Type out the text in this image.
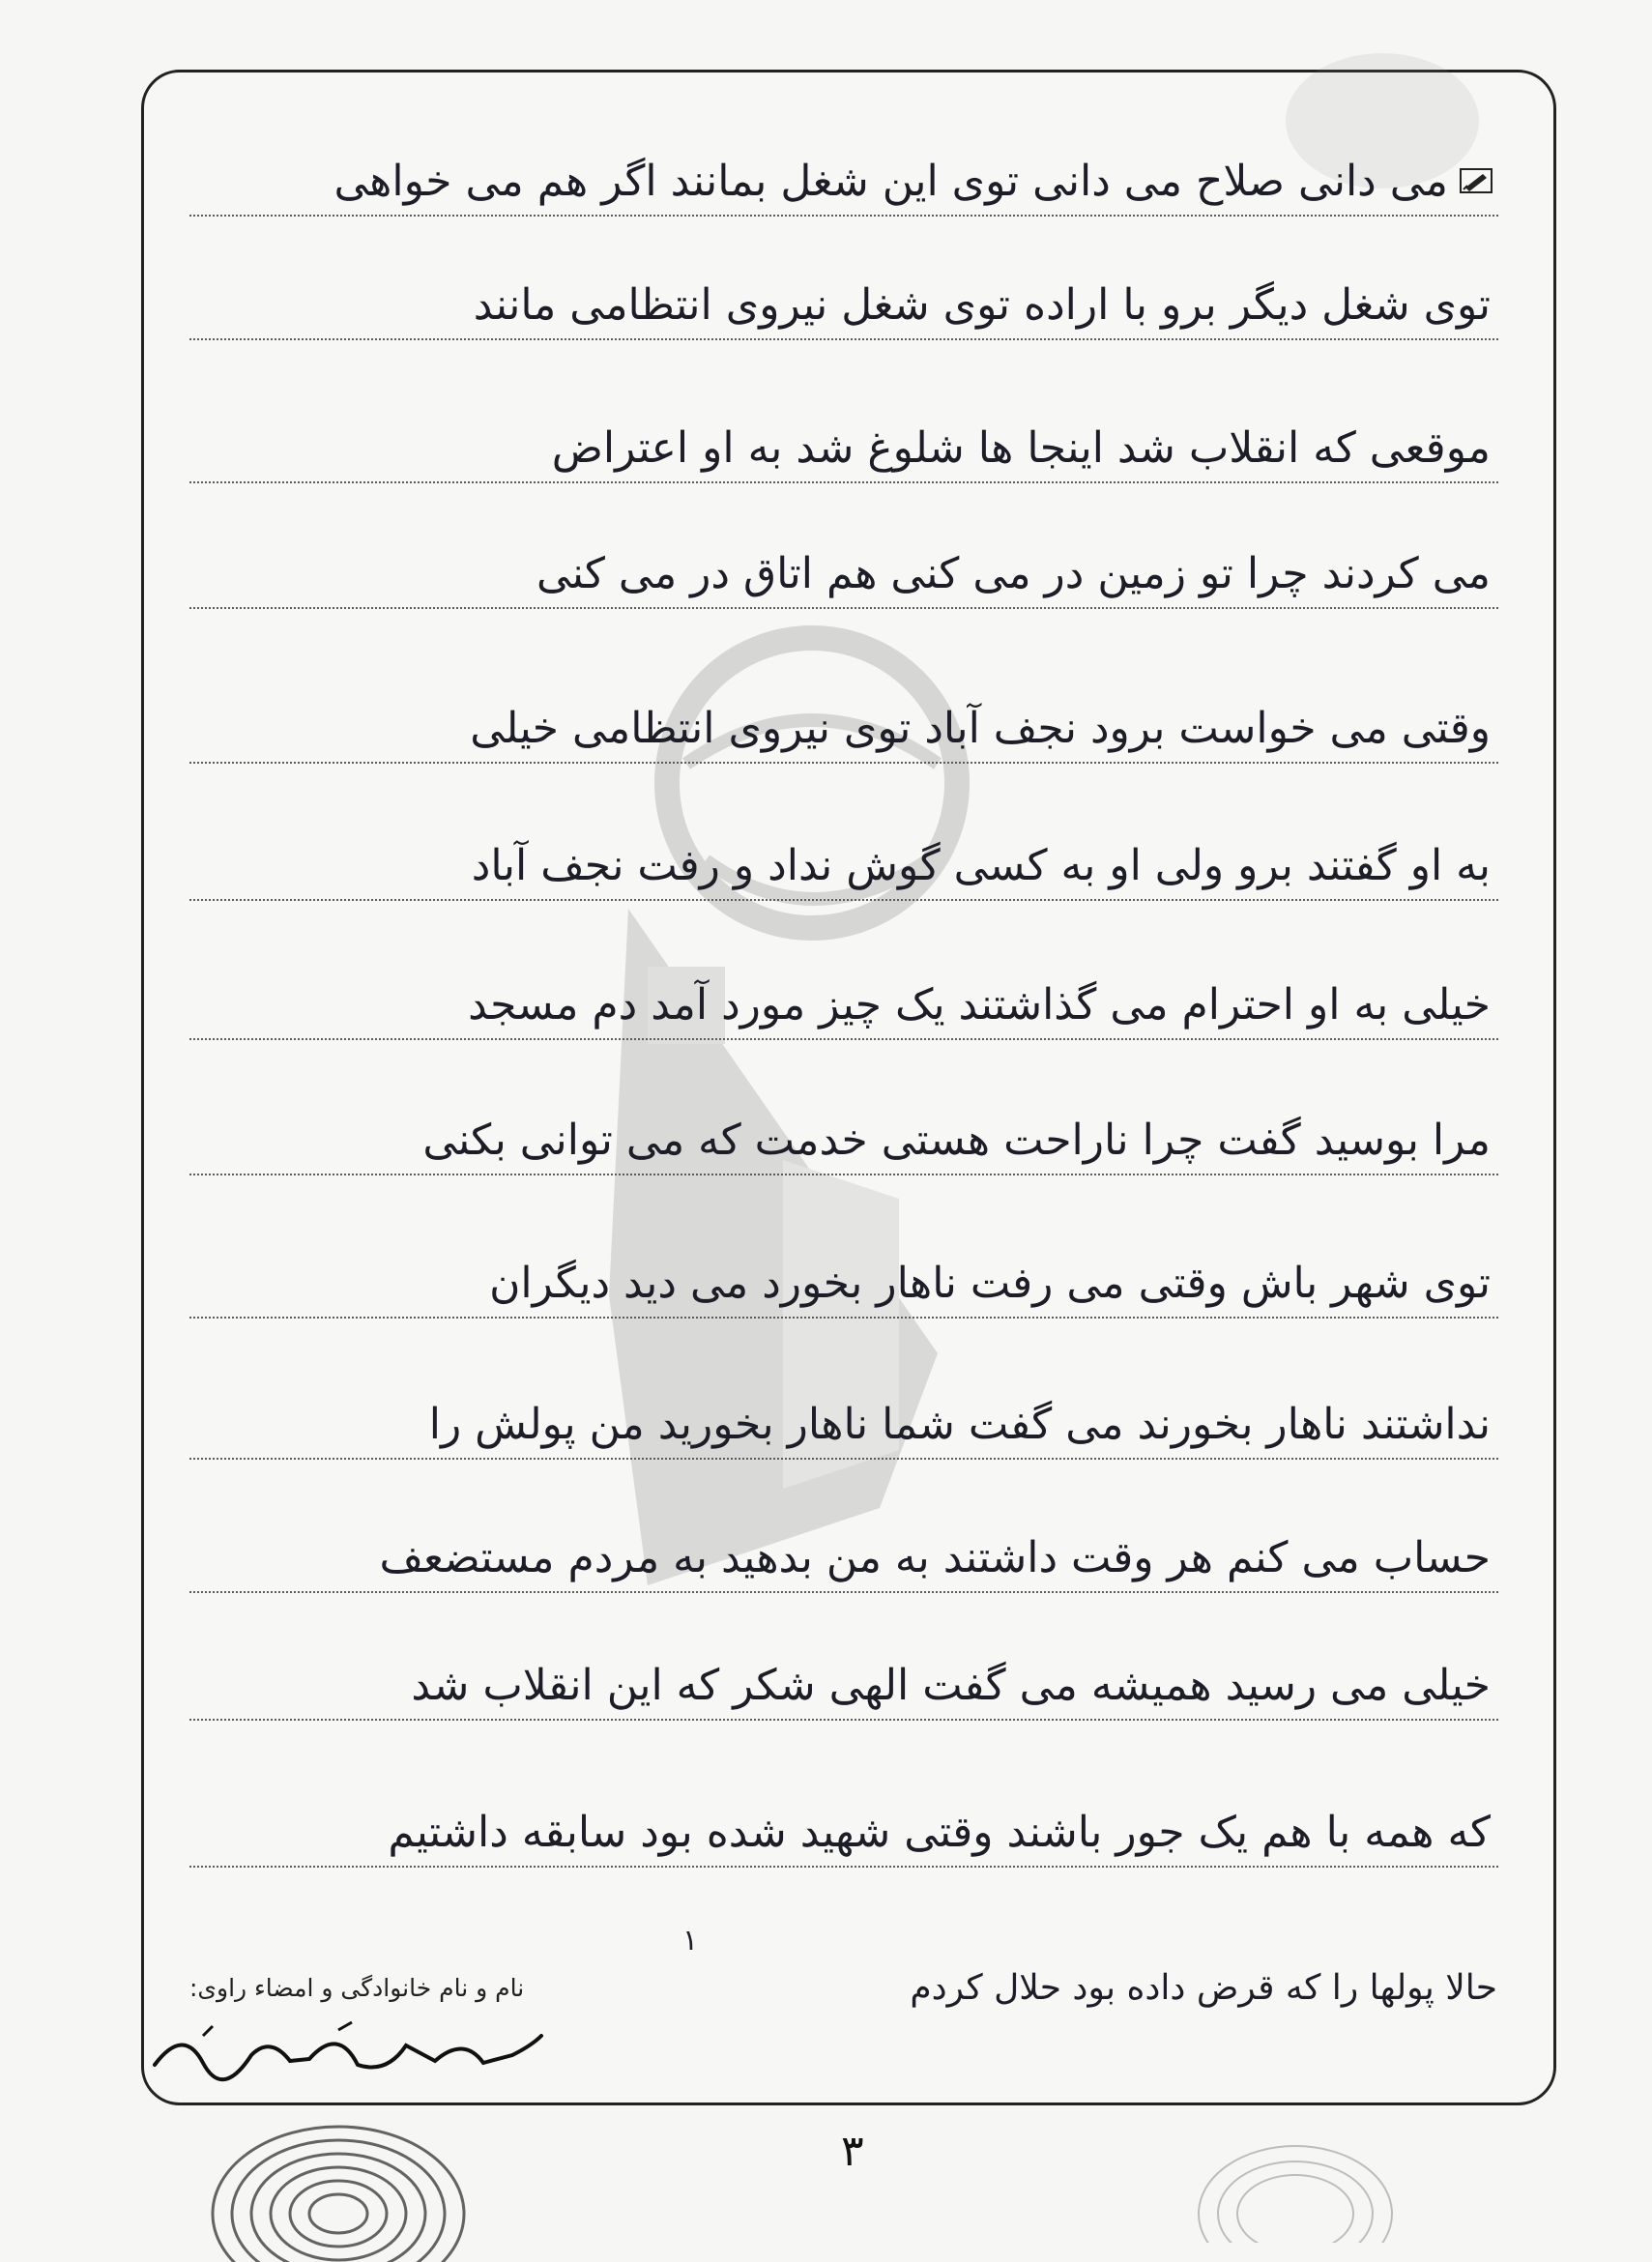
می دانی صلاح می دانی توی این شغل بمانند اگر هم می خواهی
توی شغل دیگر برو با اراده توی شغل نیروی انتظامی مانند
موقعی که انقلاب شد اینجا ها شلوغ شد به او اعتراض
می کردند چرا تو زمین در می کنی هم اتاق در می کنی
وقتی می خواست برود نجف آباد توی نیروی انتظامی خیلی
به او گفتند برو ولی او به کسی گوش نداد و رفت نجف آباد
خیلی به او احترام می گذاشتند یک چیز مورد آمد دم مسجد
مرا بوسید گفت چرا ناراحت هستی خدمت که می توانی بکنی
توی شهر باش وقتی می رفت ناهار بخورد می دید دیگران
نداشتند ناهار بخورند می گفت شما ناهار بخورید من پولش را
حساب می کنم هر وقت داشتند به من بدهید به مردم مستضعف
خیلی می رسید همیشه می گفت الهی شکر که این انقلاب شد
که همه با هم یک جور باشند وقتی شهید شده بود سابقه داشتیم
۱
حالا پولها را که قرض داده بود حلال کردم
نام و نام خانوادگی و امضاء راوی:
۳
